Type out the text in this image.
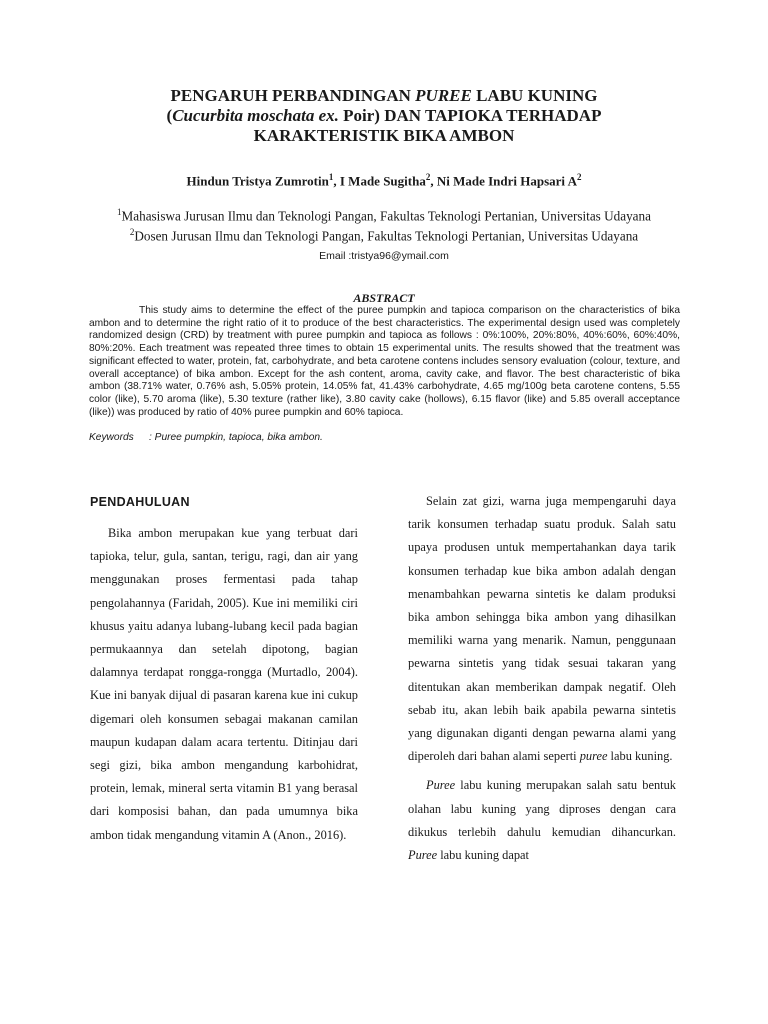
PENGARUH PERBANDINGAN PUREE LABU KUNING
(Cucurbita moschata ex. Poir) DAN TAPIOKA TERHADAP
KARAKTERISTIK BIKA AMBON
Hindun Tristya Zumrotin$^1$, I Made Sugitha$^2$, Ni Made Indri Hapsari $A^2$
$^1$Mahasiswa Jurusan Ilmu dan Teknologi Pangan, Fakultas Teknologi Pertanian, Universitas Udayana
$^2$Dosen Jurusan Ilmu dan Teknologi Pangan, Fakultas Teknologi Pertanian, Universitas Udayana
Email :tristya96@ymail.com
ABSTRACT
This study aims to determine the effect of the puree pumpkin and tapioca comparison on the characteristics of bika ambon and to determine the right ratio of it to produce of the best characteristics. The experimental design used was completely randomized design (CRD) by treatment with puree pumpkin and tapioca as follows : 0%:100%, 20%:80%, 40%:60%, 60%:40%, 80%:20%. Each treatment was repeated three times to obtain 15 experimental units. The results showed that the treatment was significant effected to water, protein, fat, carbohydrate, and beta carotene contens includes sensory evaluation (colour, texture, and overall acceptance) of bika ambon. Except for the ash content, aroma, cavity cake, and flavor. The best characteristic of bika ambon (38.71% water, 0.76% ash, 5.05% protein, 14.05% fat, 41.43% carbohydrate, 4.65 mg/100g beta carotene contens, 5.55 color (like), 5.70 aroma (like), 5.30 texture (rather like), 3.80 cavity cake (hollows), 6.15 flavor (like) and 5.85 overall acceptance (like)) was produced by ratio of 40% puree pumpkin and 60% tapioca.
Keywords : Puree pumpkin, tapioca, bika ambon.
PENDAHULUAN

Bika ambon merupakan kue yang terbuat dari tapioka, telur, gula, santan, terigu, ragi, dan air yang menggunakan proses fermentasi pada tahap pengolahannya (Faridah, 2005). Kue ini memiliki ciri khusus yaitu adanya lubang-lubang kecil pada bagian permukaannya dan setelah dipotong, bagian dalamnya terdapat rongga-rongga (Murtadlo, 2004). Kue ini banyak dijual di pasaran karena kue ini cukup digemari oleh konsumen sebagai makanan camilan maupun kudapan dalam acara tertentu. Ditinjau dari segi gizi, bika ambon mengandung karbohidrat, protein, lemak, mineral serta vitamin B1 yang berasal dari komposisi bahan, dan pada umumnya bika ambon tidak mengandung vitamin A (Anon., 2016).

Selain zat gizi, warna juga mempengaruhi daya tarik konsumen terhadap suatu produk. Salah satu upaya produsen untuk mempertahankan daya tarik konsumen terhadap kue bika ambon adalah dengan menambahkan pewarna sintetis ke dalam produksi bika ambon sehingga bika ambon yang dihasilkan memiliki warna yang menarik. Namun, penggunaan pewarna sintetis yang tidak sesuai takaran yang ditentukan akan memberikan dampak negatif. Oleh sebab itu, akan lebih baik apabila pewarna sintetis yang digunakan diganti dengan pewarna alami yang diperoleh dari bahan alami seperti puree labu kuning.

Puree labu kuning merupakan salah satu bentuk olahan labu kuning yang diproses dengan cara dikukus terlebih dahulu kemudian dihancurkan. Puree labu kuning dapat
